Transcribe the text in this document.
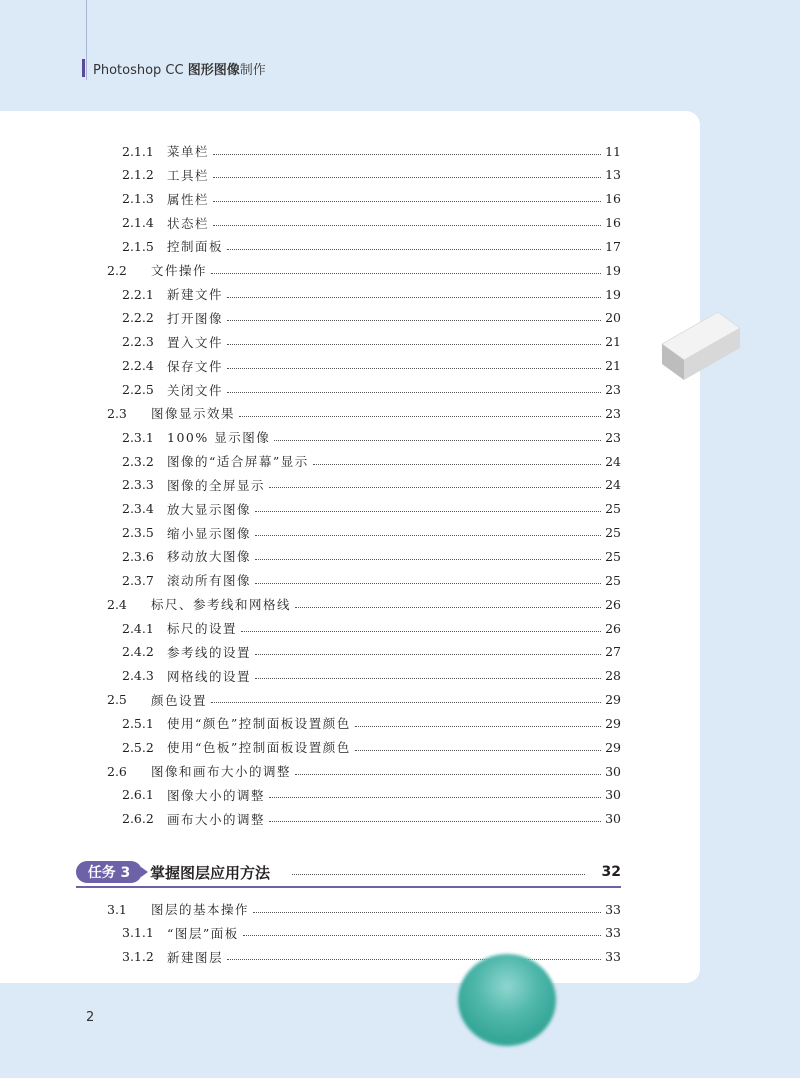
Photoshop CC 图形图像制作
2.1.1	菜单栏	11
2.1.2	工具栏	13
2.1.3	属性栏	16
2.1.4	状态栏	16
2.1.5	控制面板	17
2.2	文件操作	19
2.2.1	新建文件	19
2.2.2	打开图像	20
2.2.3	置入文件	21
2.2.4	保存文件	21
2.2.5	关闭文件	23
2.3	图像显示效果	23
2.3.1	100% 显示图像	23
2.3.2	图像的“适合屏幕”显示	24
2.3.3	图像的全屏显示	24
2.3.4	放大显示图像	25
2.3.5	缩小显示图像	25
2.3.6	移动放大图像	25
2.3.7	滚动所有图像	25
2.4	标尺、参考线和网格线	26
2.4.1	标尺的设置	26
2.4.2	参考线的设置	27
2.4.3	网格线的设置	28
2.5	颜色设置	29
2.5.1	使用“颜色”控制面板设置颜色	29
2.5.2	使用“色板”控制面板设置颜色	29
2.6	图像和画布大小的调整	30
2.6.1	图像大小的调整	30
2.6.2	画布大小的调整	30
任务 3 掌握图层应用方法	32
3.1	图层的基本操作	33
3.1.1	“图层”面板	33
3.1.2	新建图层	33
2
